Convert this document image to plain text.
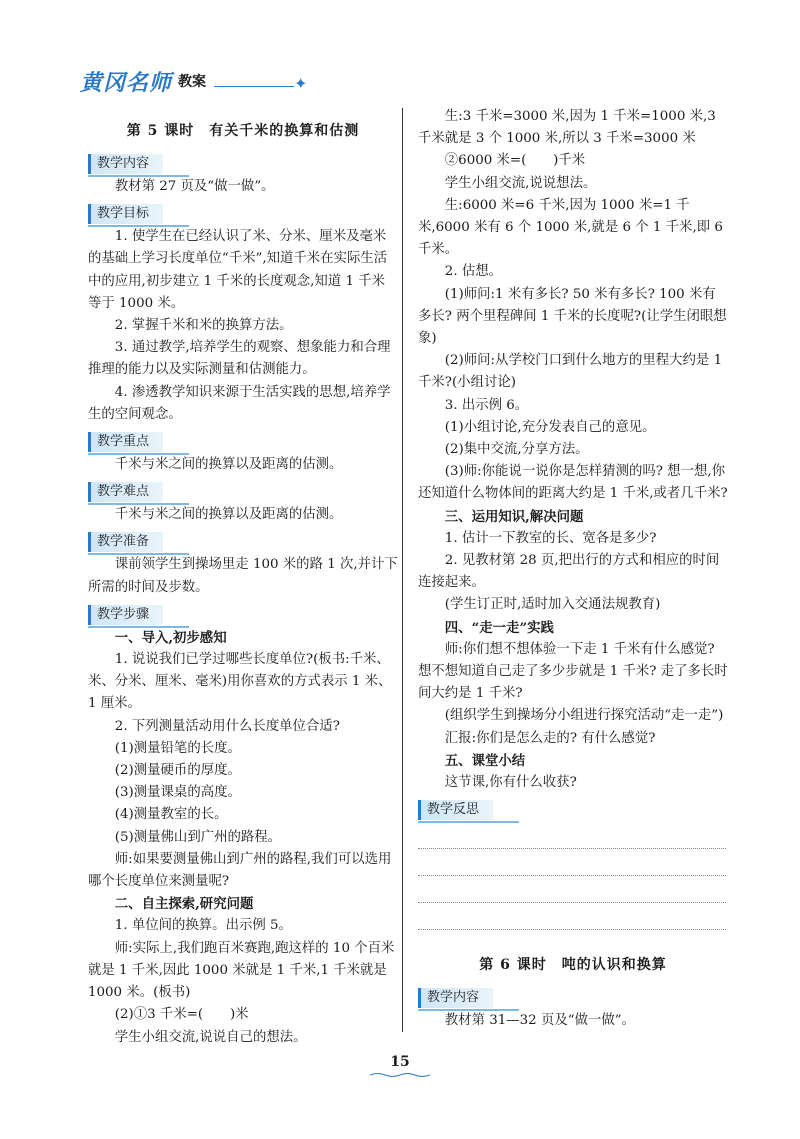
黄冈名师 教案	✦
第 5 课时　有关千米的换算和估测
教学内容

教材第 27 页及“做一做”。

教学目标

1. 使学生在已经认识了米、分米、厘米及毫米的基础上学习长度单位“千米”,知道千米在实际生活中的应用,初步建立 1 千米的长度观念,知道 1 千米等于 1000 米。

2. 掌握千米和米的换算方法。

3. 通过教学,培养学生的观察、想象能力和合理推理的能力以及实际测量和估测能力。

4. 渗透教学知识来源于生活实践的思想,培养学生的空间观念。

教学重点

千米与米之间的换算以及距离的估测。

教学难点

千米与米之间的换算以及距离的估测。

教学准备

课前领学生到操场里走 100 米的路 1 次,并计下所需的时间及步数。

教学步骤

一、导入,初步感知

1. 说说我们已学过哪些长度单位?(板书:千米、米、分米、厘米、毫米)用你喜欢的方式表示 1 米、1 厘米。

2. 下列测量活动用什么长度单位合适?

(1)测量铅笔的长度。

(2)测量硬币的厚度。

(3)测量课桌的高度。

(4)测量教室的长。

(5)测量佛山到广州的路程。

师:如果要测量佛山到广州的路程,我们可以选用哪个长度单位来测量呢?

二、自主探索,研究问题

1. 单位间的换算。出示例 5。

师:实际上,我们跑百米赛跑,跑这样的 10 个百米就是 1 千米,因此 1000 米就是 1 千米,1 千米就是 1000 米。(板书)

(2)①3 千米=(　　)米

学生小组交流,说说自己的想法。

生:3 千米=3000 米,因为 1 千米=1000 米,3 千米就是 3 个 1000 米,所以 3 千米=3000 米

②6000 米=(　　)千米

学生小组交流,说说想法。

生:6000 米=6 千米,因为 1000 米=1 千米,6000 米有 6 个 1000 米,就是 6 个 1 千米,即 6 千米。

2. 估想。

(1)师问:1 米有多长? 50 米有多长? 100 米有多长? 两个里程碑间 1 千米的长度呢?(让学生闭眼想象)

(2)师问:从学校门口到什么地方的里程大约是 1 千米?(小组讨论)

3. 出示例 6。

(1)小组讨论,充分发表自己的意见。

(2)集中交流,分享方法。

(3)师:你能说一说你是怎样猜测的吗? 想一想,你还知道什么物体间的距离大约是 1 千米,或者几千米?

三、运用知识,解决问题

1. 估计一下教室的长、宽各是多少?

2. 见教材第 28 页,把出行的方式和相应的时间连接起来。

(学生订正时,适时加入交通法规教育)

四、“走一走”实践

师:你们想不想体验一下走 1 千米有什么感觉? 想不想知道自己走了多少步就是 1 千米? 走了多长时间大约是 1 千米?

(组织学生到操场分小组进行探究活动“走一走”)

汇报:你们是怎么走的? 有什么感觉?

五、课堂小结

这节课,你有什么收获?

教学反思
第 6 课时　吨的认识和换算
教学内容

教材第 31—32 页及“做一做”。

15
